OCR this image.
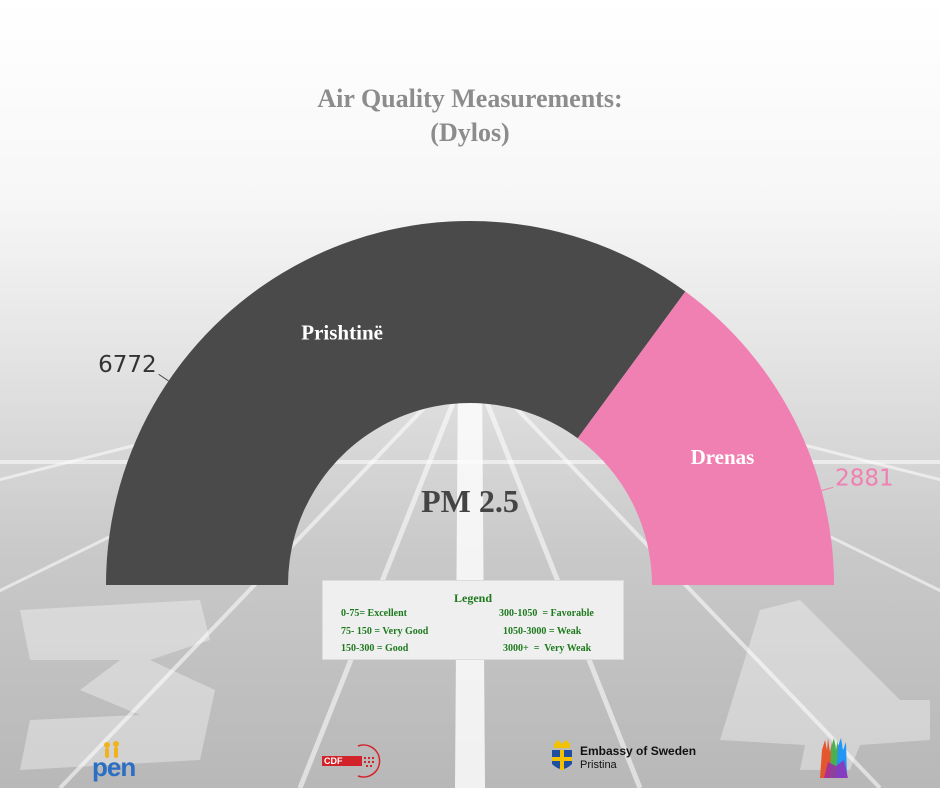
Air Quality Measurements:
(Dylos)
Prishtinë
6772
Drenas
2881
PM 2.5
Legend
0-75= Excellent	300-1050  = Favorable
75- 150 = Very Good	1050-3000 = Weak
150-300 = Good	3000+  =  Very Weak
pen	CDF
Embassy of Sweden
Pristina
